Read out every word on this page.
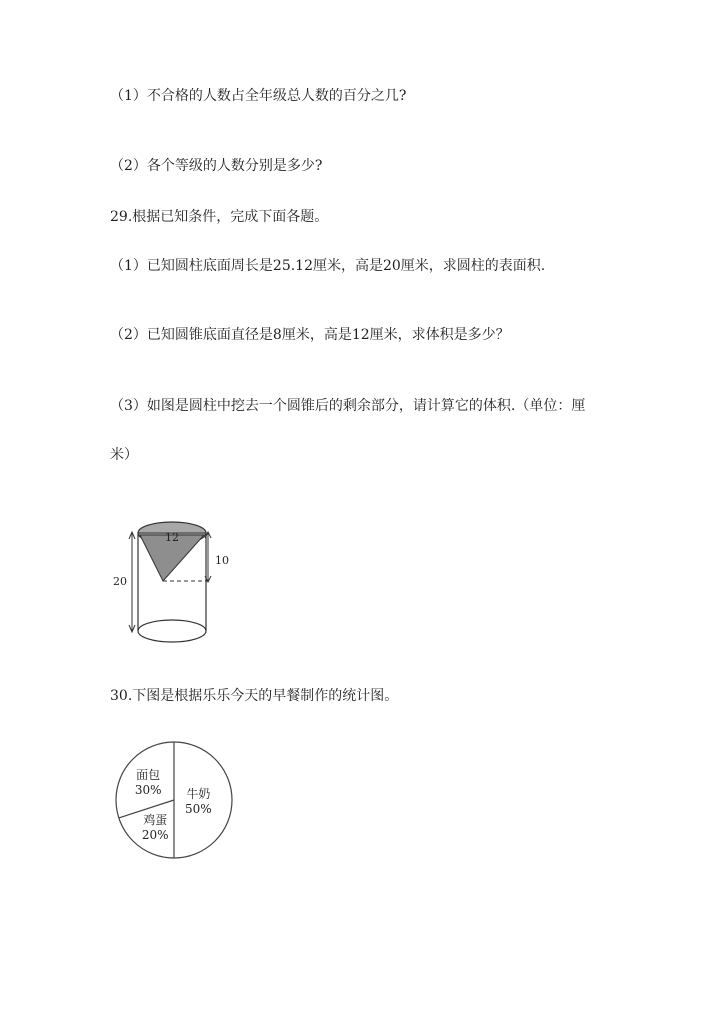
（1）不合格的人数占全年级总人数的百分之几?
（2）各个等级的人数分别是多少?
29.根据已知条件，完成下面各题。
（1）已知圆柱底面周长是25.12厘米，高是20厘米，求圆柱的表面积.
（2）已知圆锥底面直径是8厘米，高是12厘米，求体积是多少？
（3）如图是圆柱中挖去一个圆锥后的剩余部分，请计算它的体积.（单位：厘
米）
12
10
20
30.下图是根据乐乐今天的早餐制作的统计图。
牛奶
50%
鸡蛋
20%
面包
30%
